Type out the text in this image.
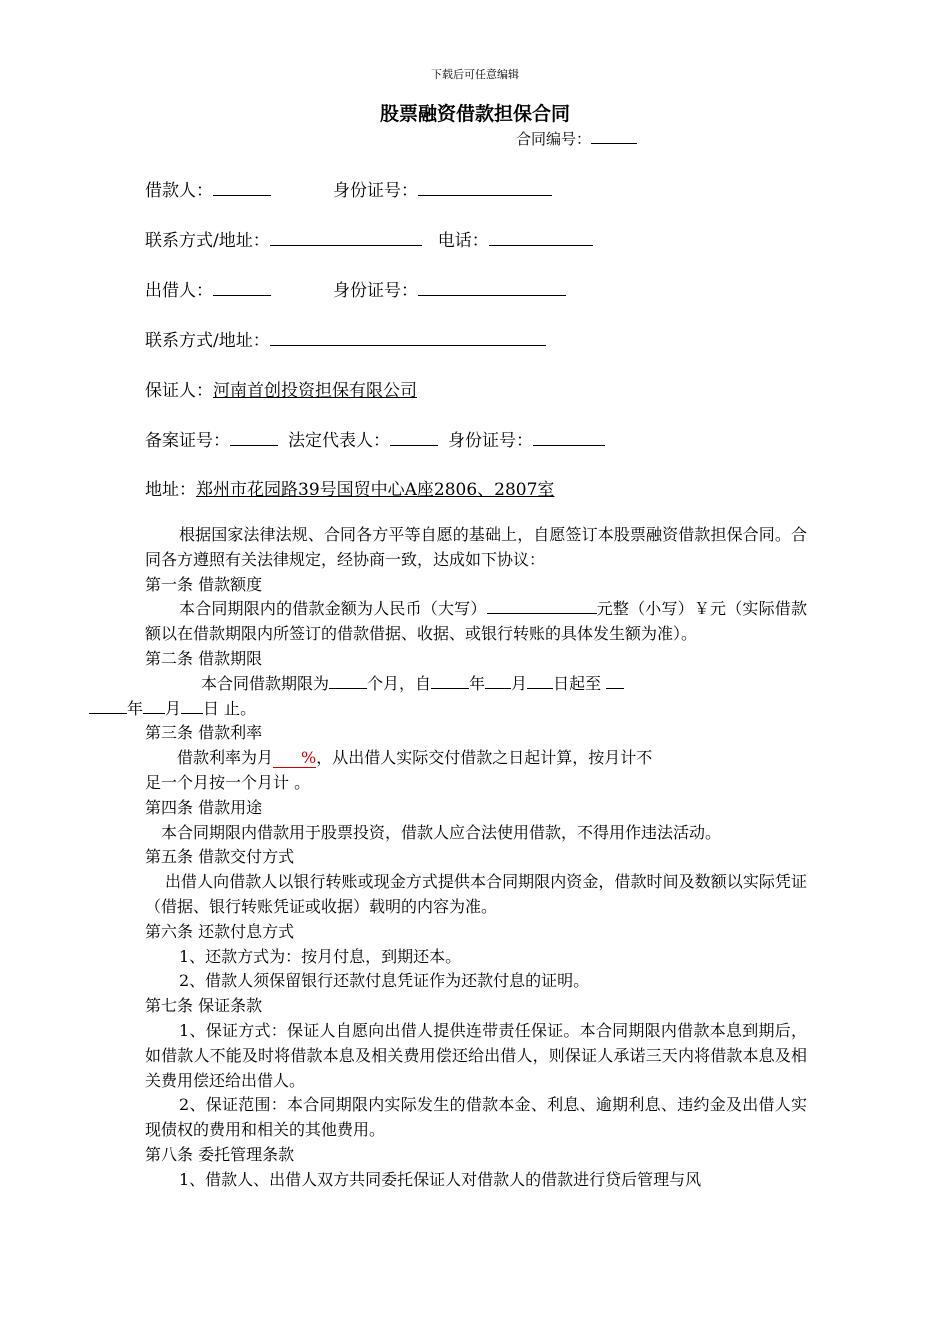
下载后可任意编辑
股票融资借款担保合同
合同编号：
借款人：	身份证号：
联系方式/地址：	电话：
出借人：	身份证号：
联系方式/地址：
保证人：河南首创投资担保有限公司
备案证号：	法定代表人：	身份证号：
地址：郑州市花园路39号国贸中心A座2806、2807室

根据国家法律法规、合同各方平等自愿的基础上，自愿签订本股票融资借款担保合同。合同各方遵照有关法律规定，经协商一致，达成如下协议：

第一条 借款额度

本合同期限内的借款金额为人民币（大写）	元整（小写）￥元（实际借款额以在借款期限内所签订的借款借据、收据、或银行转账的具体发生额为准）。

第二条 借款期限

本合同借款期限为 个月，自 年 月 日起至
年 月 日 止。

第三条 借款利率

借款利率为月 %，从出借人实际交付借款之日起计算，按月计不

足一个月按一个月计 。

第四条 借款用途

本合同期限内借款用于股票投资，借款人应合法使用借款，不得用作违法活动。

第五条 借款交付方式

出借人向借款人以银行转账或现金方式提供本合同期限内资金，借款时间及数额以实际凭证（借据、银行转账凭证或收据）载明的内容为准。

第六条 还款付息方式

1、还款方式为：按月付息，到期还本。

2、借款人须保留银行还款付息凭证作为还款付息的证明。

第七条 保证条款

1、保证方式：保证人自愿向出借人提供连带责任保证。本合同期限内借款本息到期后，如借款人不能及时将借款本息及相关费用偿还给出借人，则保证人承诺三天内将借款本息及相关费用偿还给出借人。

2、保证范围：本合同期限内实际发生的借款本金、利息、逾期利息、违约金及出借人实现债权的费用和相关的其他费用。

第八条 委托管理条款

1、借款人、出借人双方共同委托保证人对借款人的借款进行贷后管理与风
